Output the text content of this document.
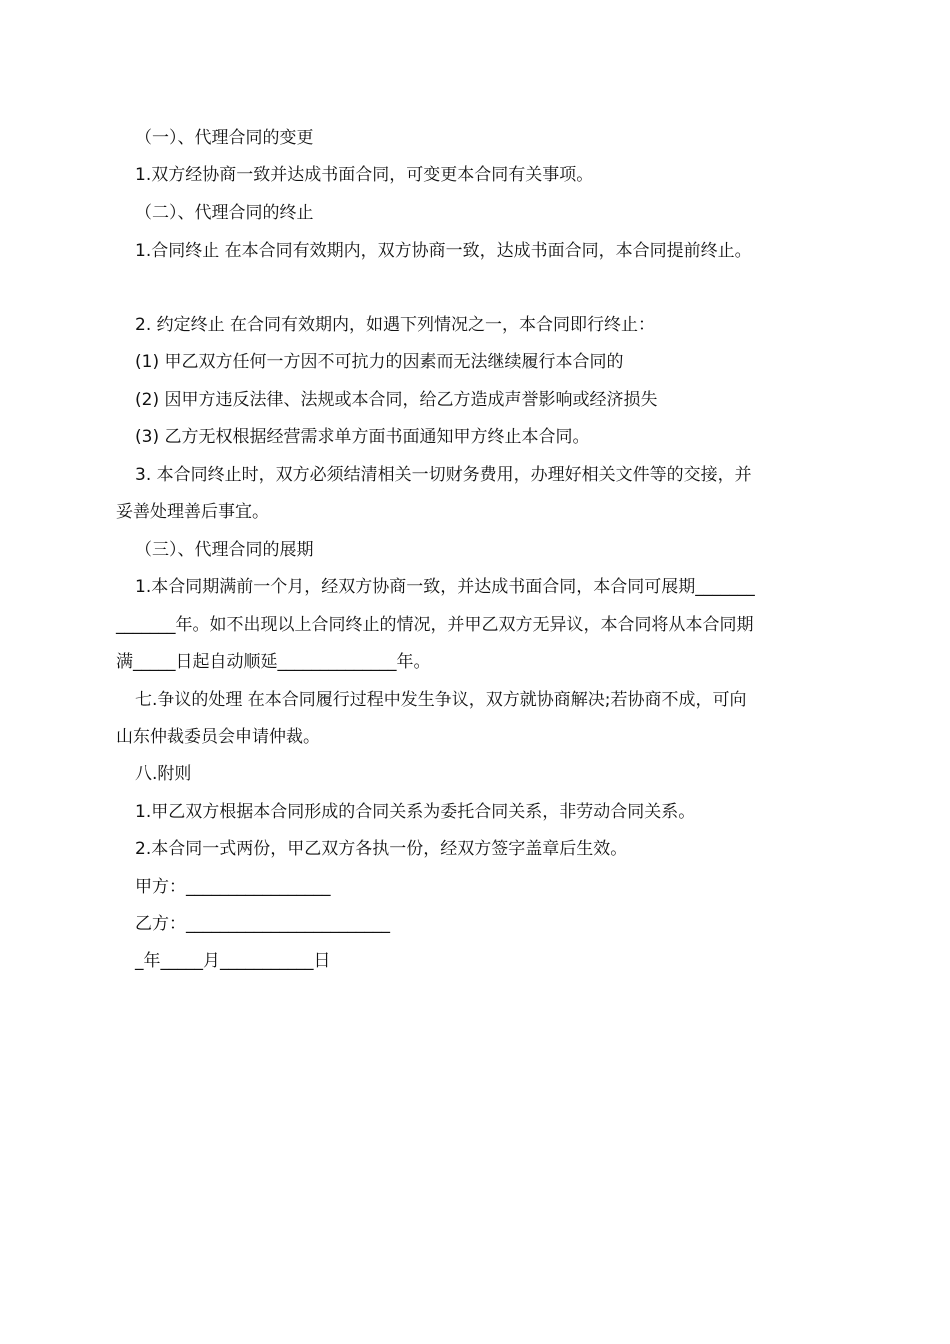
（一）、代理合同的变更
1.双方经协商一致并达成书面合同，可变更本合同有关事项。
（二）、代理合同的终止
1.合同终止 在本合同有效期内，双方协商一致，达成书面合同，本合同提前终止。
2. 约定终止 在合同有效期内，如遇下列情况之一，本合同即行终止：
(1) 甲乙双方任何一方因不可抗力的因素而无法继续履行本合同的
(2) 因甲方违反法律、法规或本合同，给乙方造成声誉影响或经济损失
(3) 乙方无权根据经营需求单方面书面通知甲方终止本合同。
3. 本合同终止时，双方必须结清相关一切财务费用，办理好相关文件等的交接，并
妥善处理善后事宜。
（三）、代理合同的展期
1.本合同期满前一个月，经双方协商一致，并达成书面合同，本合同可展期_______
_______年。如不出现以上合同终止的情况，并甲乙双方无异议，本合同将从本合同期
满_____日起自动顺延______________年。
七.争议的处理 在本合同履行过程中发生争议，双方就协商解决;若协商不成，可向
山东仲裁委员会申请仲裁。
八.附则
1.甲乙双方根据本合同形成的合同关系为委托合同关系，非劳动合同关系。
2.本合同一式两份，甲乙双方各执一份，经双方签字盖章后生效。
甲方：_________________
乙方：________________________
_年_____月___________日
